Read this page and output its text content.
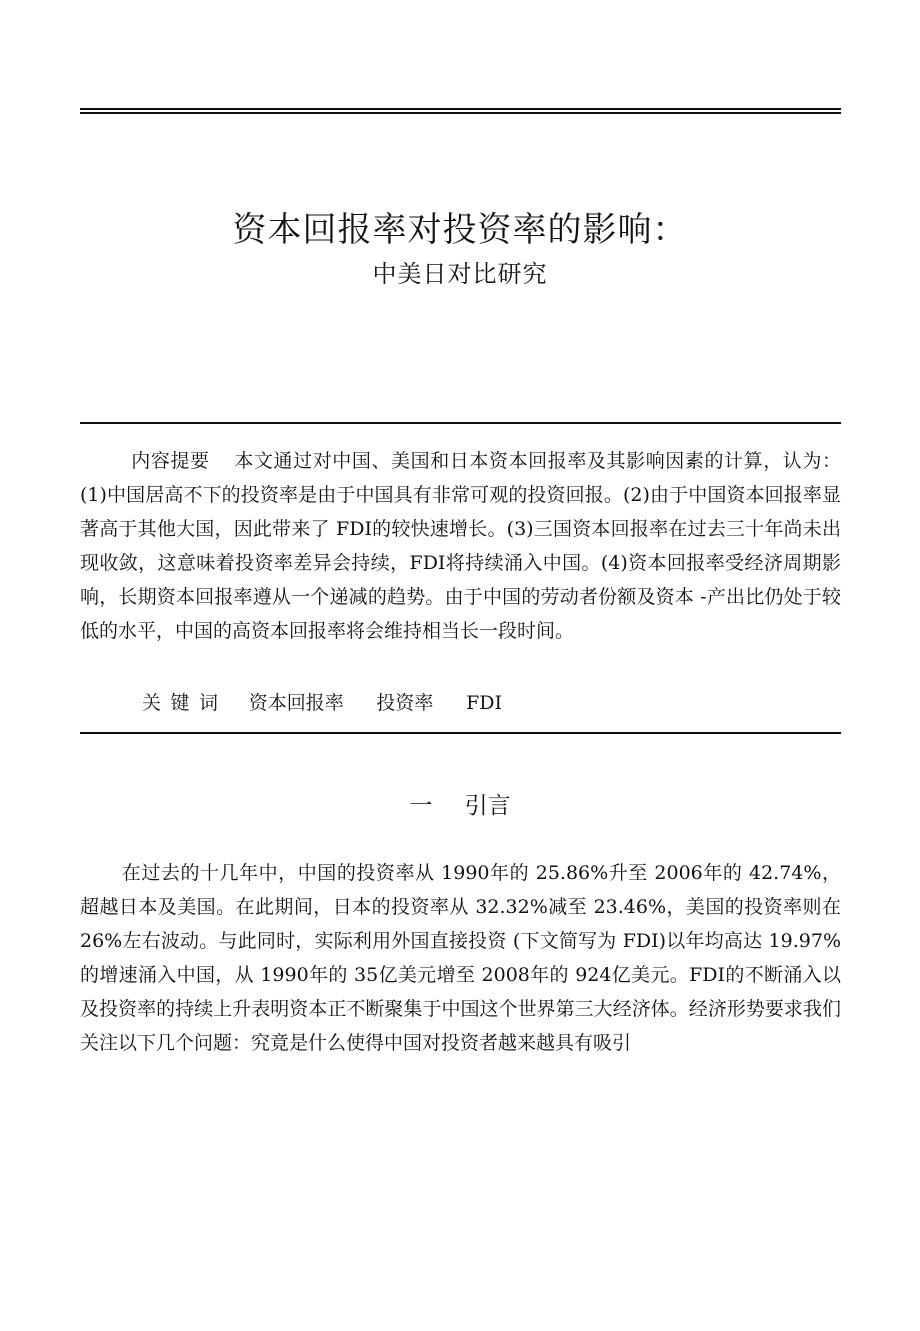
资本回报率对投资率的影响：
中美日对比研究

内容提要 本文通过对中国、美国和日本资本回报率及其影响因素的计算，认为：(1)中国居高不下的投资率是由于中国具有非常可观的投资回报。(2)由于中国资本回报率显著高于其他大国，因此带来了 FDI的较快速增长。(3)三国资本回报率在过去三十年尚未出现收敛，这意味着投资率差异会持续，FDI将持续涌入中国。(4)资本回报率受经济周期影响，长期资本回报率遵从一个递减的趋势。由于中国的劳动者份额及资本 -产出比仍处于较低的水平，中国的高资本回报率将会维持相当长一段时间。

关键词 资本回报率 投资率 FDI
一 引言

在过去的十几年中，中国的投资率从 1990年的 25.86%升至 2006年的 42.74%，超越日本及美国。在此期间，日本的投资率从 32.32%减至 23.46%，美国的投资率则在 26%左右波动。与此同时，实际利用外国直接投资 (下文简写为 FDI)以年均高达 19.97%的增速涌入中国，从 1990年的 35亿美元增至 2008年的 924亿美元。FDI的不断涌入以及投资率的持续上升表明资本正不断聚集于中国这个世界第三大经济体。经济形势要求我们关注以下几个问题：究竟是什么使得中国对投资者越来越具有吸引
